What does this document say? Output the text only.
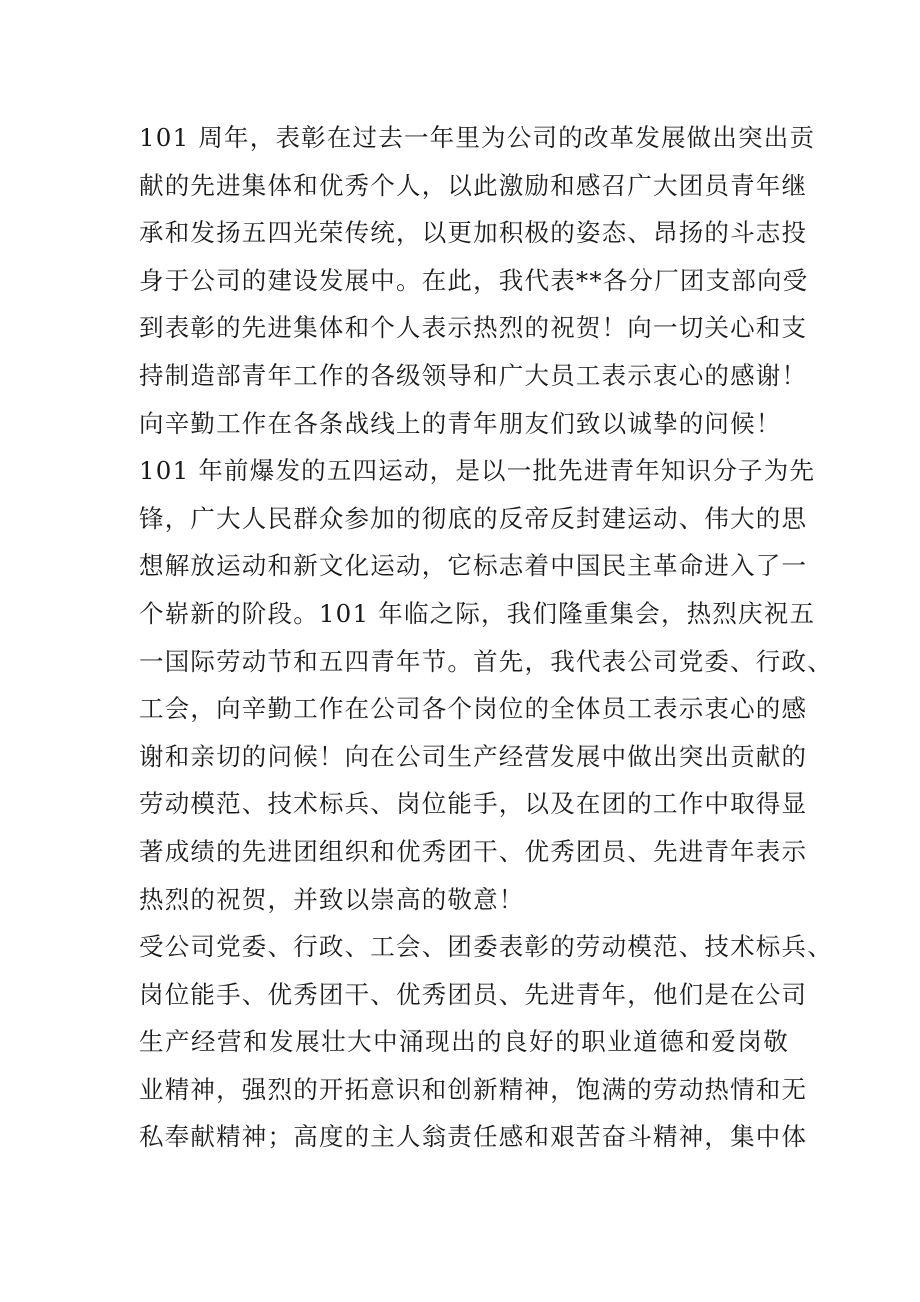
101 周年，表彰在过去一年里为公司的改革发展做出突出贡
献的先进集体和优秀个人，以此激励和感召广大团员青年继
承和发扬五四光荣传统，以更加积极的姿态、昂扬的斗志投
身于公司的建设发展中。在此，我代表**各分厂团支部向受
到表彰的先进集体和个人表示热烈的祝贺！向一切关心和支
持制造部青年工作的各级领导和广大员工表示衷心的感谢！
向辛勤工作在各条战线上的青年朋友们致以诚挚的问候！

101 年前爆发的五四运动，是以一批先进青年知识分子为先
锋，广大人民群众参加的彻底的反帝反封建运动、伟大的思
想解放运动和新文化运动，它标志着中国民主革命进入了一
个崭新的阶段。101 年临之际，我们隆重集会，热烈庆祝五
一国际劳动节和五四青年节。首先，我代表公司党委、行政、
工会，向辛勤工作在公司各个岗位的全体员工表示衷心的感
谢和亲切的问候！向在公司生产经营发展中做出突出贡献的
劳动模范、技术标兵、岗位能手，以及在团的工作中取得显
著成绩的先进团组织和优秀团干、优秀团员、先进青年表示
热烈的祝贺，并致以崇高的敬意！

受公司党委、行政、工会、团委表彰的劳动模范、技术标兵、
岗位能手、优秀团干、优秀团员、先进青年，他们是在公司
生产经营和发展壮大中涌现出的良好的职业道德和爱岗敬
业精神，强烈的开拓意识和创新精神，饱满的劳动热情和无
私奉献精神；高度的主人翁责任感和艰苦奋斗精神，集中体
